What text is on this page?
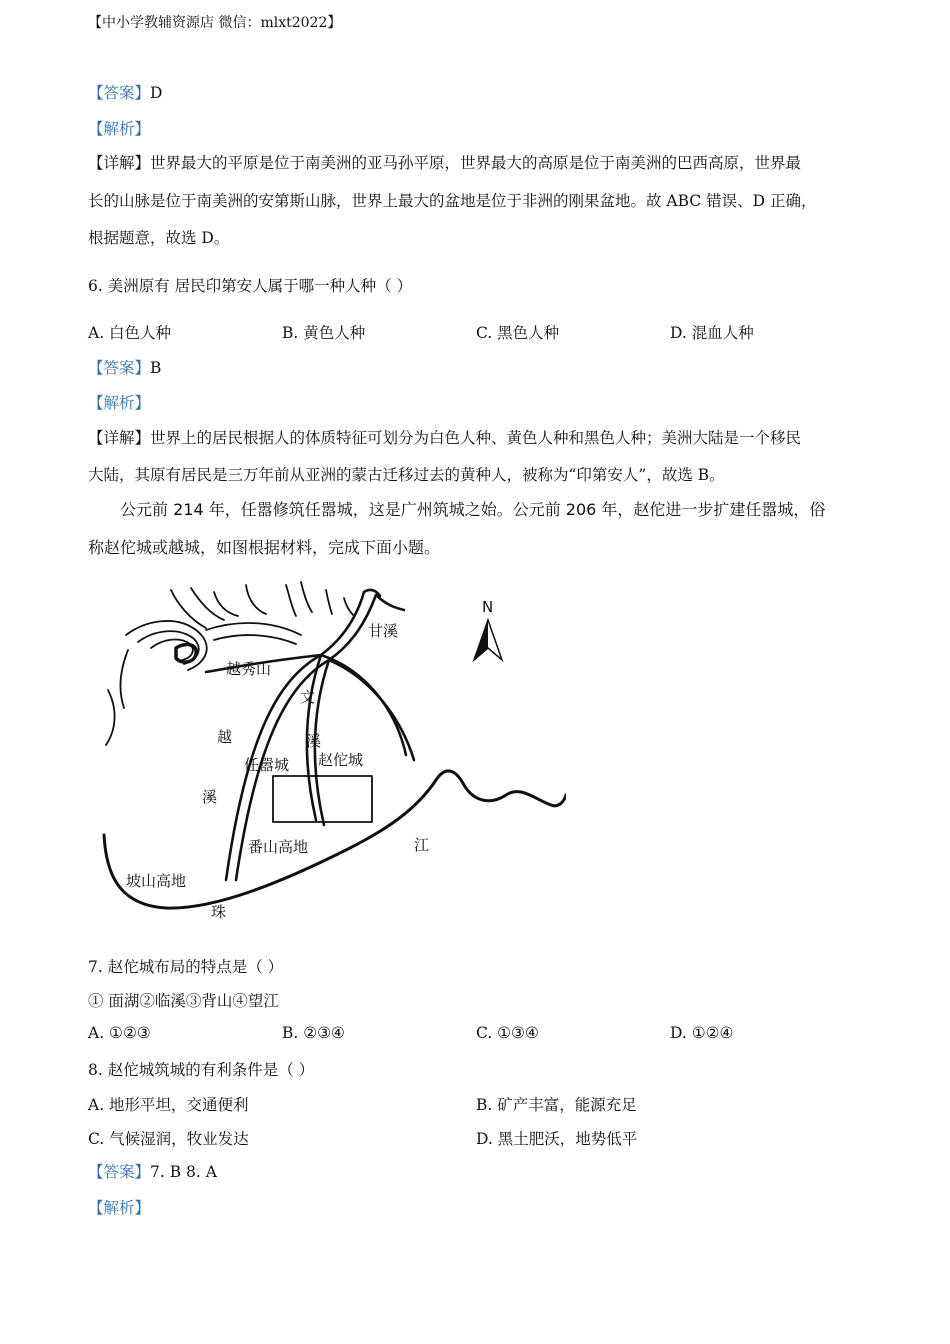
【中小学教辅资源店 微信：mlxt2022】
【答案】D
【解析】
【详解】世界最大的平原是位于南美洲的亚马孙平原，世界最大的高原是位于南美洲的巴西高原，世界最
长的山脉是位于南美洲的安第斯山脉，世界上最大的盆地是位于非洲的刚果盆地。故 ABC 错误、D 正确，
根据题意，故选 D。
6. 美洲原有 居民印第安人属于哪一种人种（ ）
A. 白色人种	B. 黄色人种	C. 黑色人种	D. 混血人种
【答案】B
【解析】
【详解】世界上的居民根据人的体质特征可划分为白色人种、黄色人种和黑色人种；美洲大陆是一个移民
大陆，其原有居民是三万年前从亚洲的蒙古迁移过去的黄种人，被称为“印第安人”，故选 B。
公元前 214 年，任嚣修筑任嚣城，这是广州筑城之始。公元前 206 年，赵佗进一步扩建任嚣城，俗
称赵佗城或越城，如图根据材料，完成下面小题。
N
甘溪
越秀山
文
溪
越
任嚣城 赵佗城
溪
番山高地	江
坡山高地
珠
7. 赵佗城布局的特点是（ ）
① 面湖②临溪③背山④望江
A. ①②③	B. ②③④	C. ①③④	D. ①②④
8. 赵佗城筑城的有利条件是（ ）
A. 地形平坦，交通便利	B. 矿产丰富，能源充足
C. 气候湿润，牧业发达	D. 黑土肥沃，地势低平
【答案】7. B 8. A
【解析】
